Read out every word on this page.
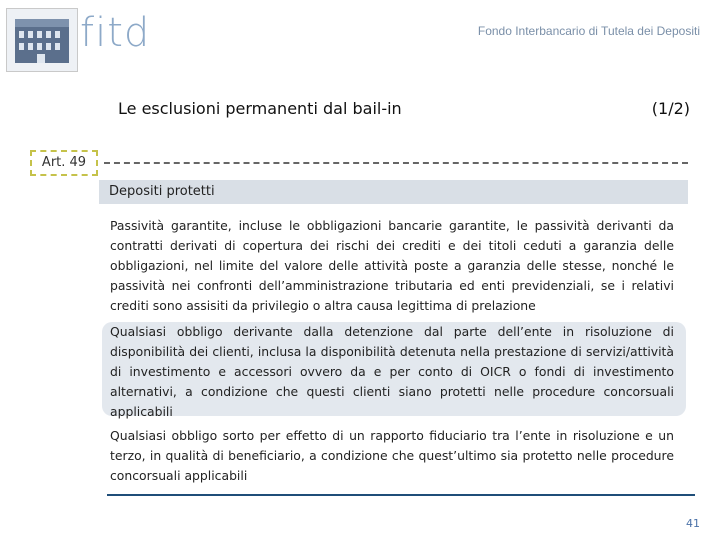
fitd	Fondo Interbancario di Tutela dei Depositi
Le esclusioni permanenti dal bail-in	(1/2)
Art. 49
Depositi protetti
Passività garantite, incluse le obbligazioni bancarie garantite, le passività derivanti da contratti derivati di copertura dei rischi dei crediti e dei titoli ceduti a garanzia delle obbligazioni, nel limite del valore delle attività poste a garanzia delle stesse, nonché le passività nei confronti dell’amministrazione tributaria ed enti previdenziali, se i relativi crediti sono assisiti da privilegio o altra causa legittima di prelazione
Qualsiasi obbligo derivante dalla detenzione dal parte dell’ente in risoluzione di disponibilità dei clienti, inclusa la disponibilità detenuta nella prestazione di servizi/attività di investimento e accessori ovvero da e per conto di OICR o fondi di investimento alternativi, a condizione che questi clienti siano protetti nelle procedure concorsuali applicabili
Qualsiasi obbligo sorto per effetto di un rapporto fiduciario tra l’ente in risoluzione e un terzo, in qualità di beneficiario, a condizione che quest’ultimo sia protetto nelle procedure concorsuali applicabili
41
